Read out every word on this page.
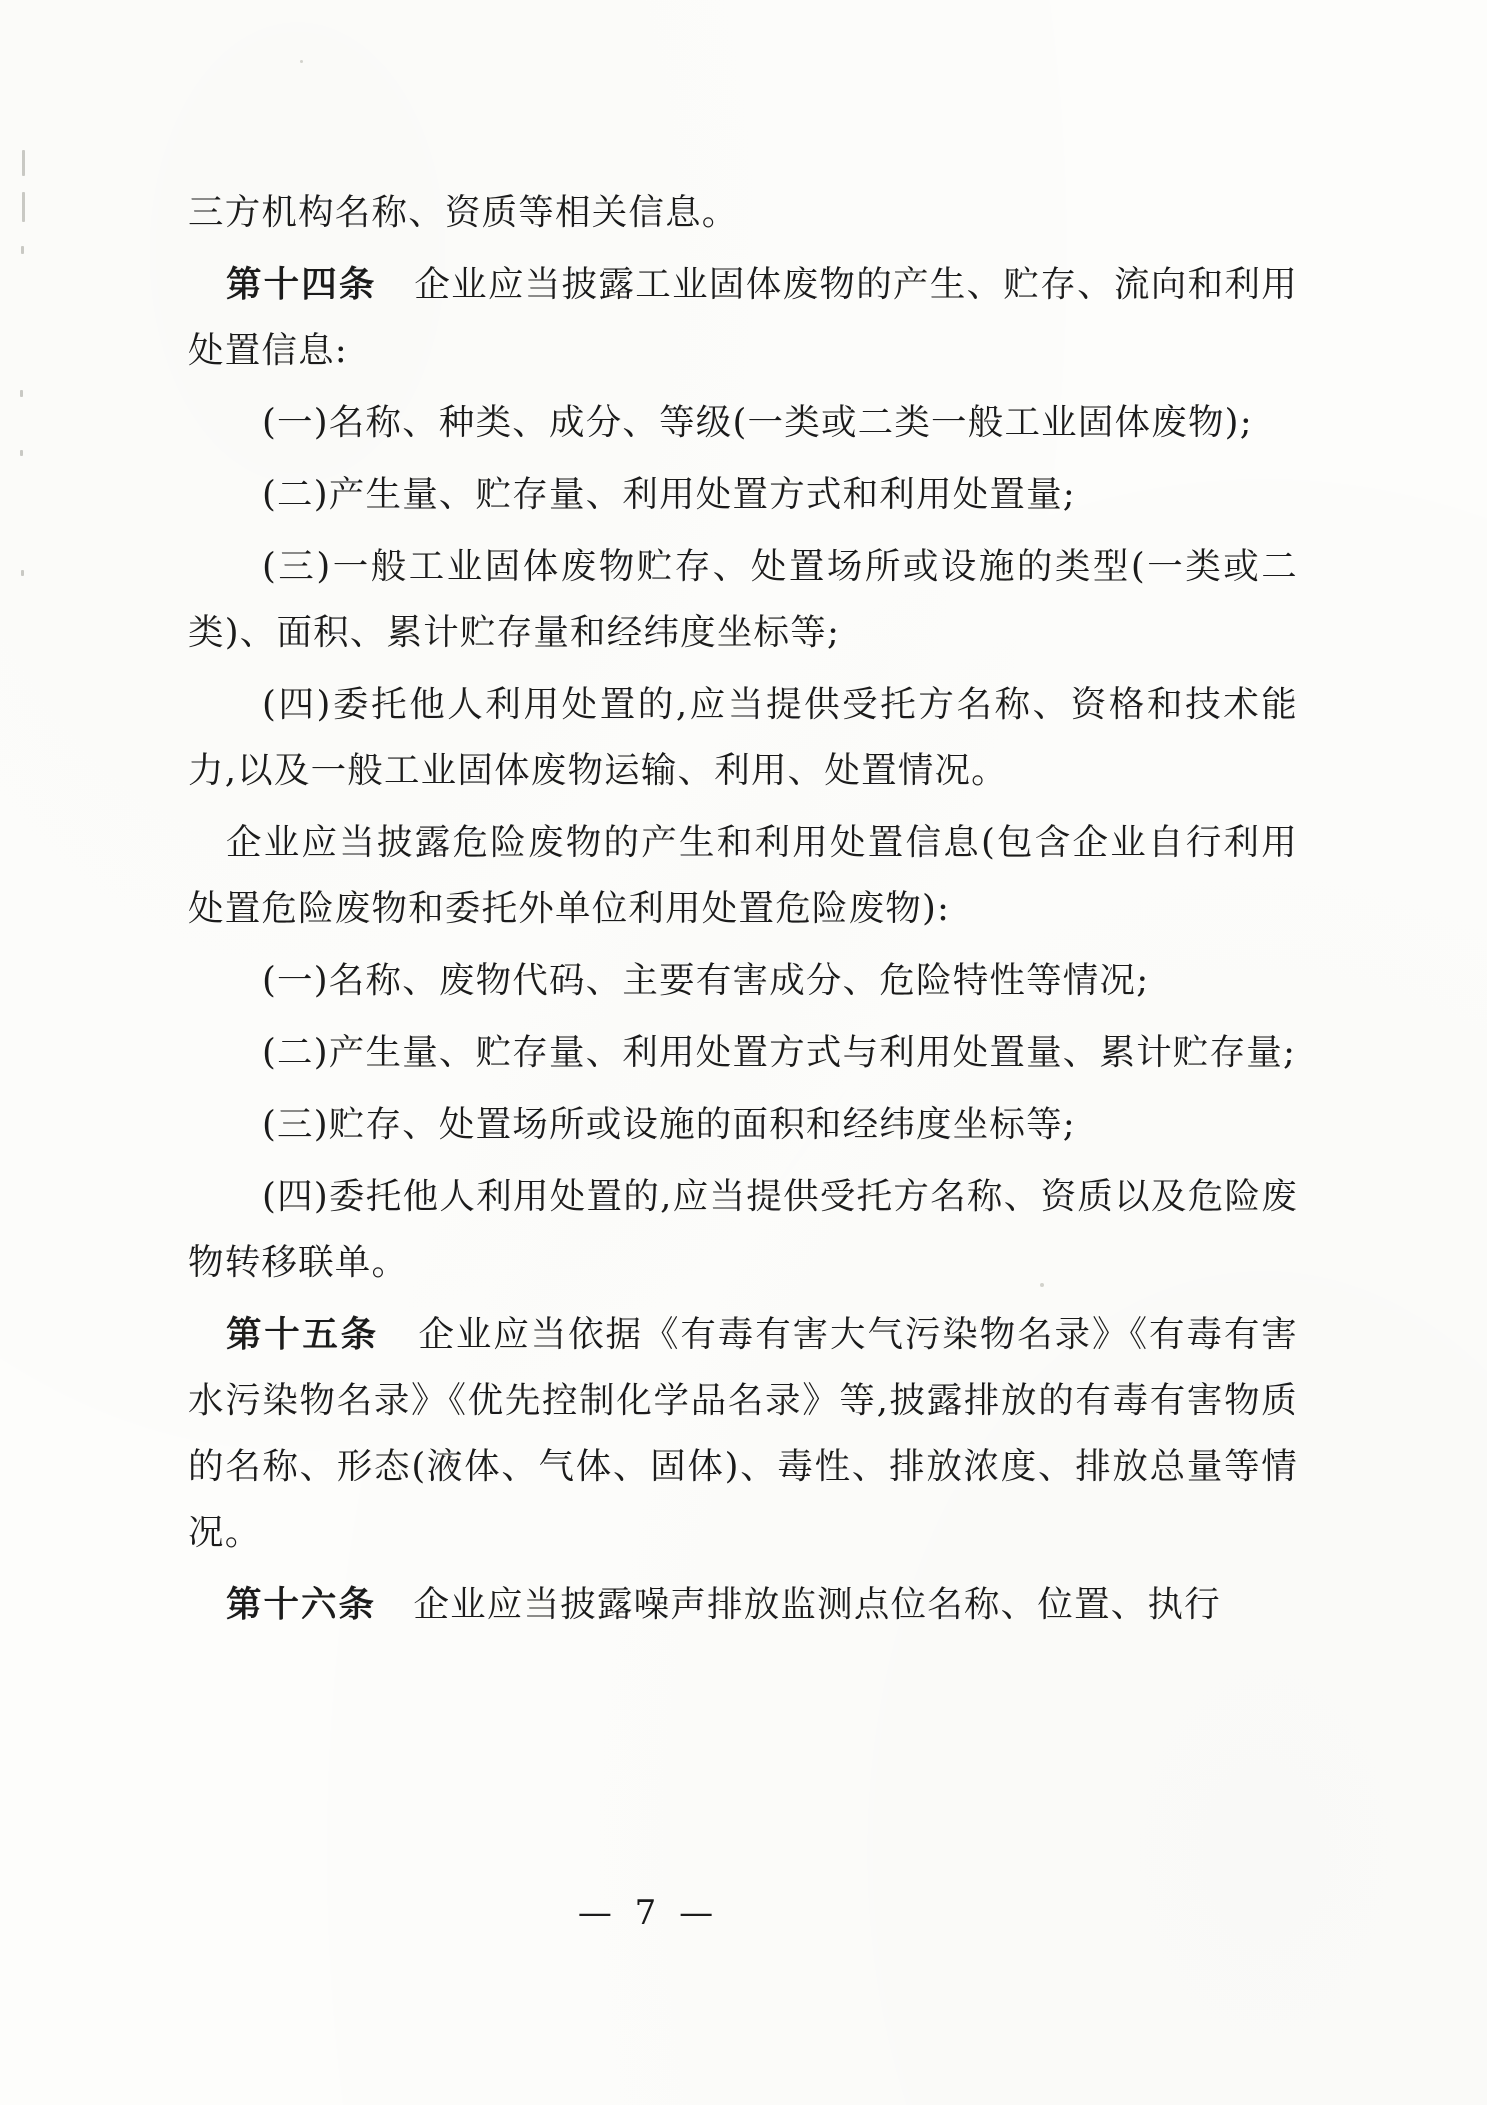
三方机构名称、资质等相关信息。

第十四条 企业应当披露工业固体废物的产生、贮存、流向和利用处置信息:

(一)名称、种类、成分、等级(一类或二类一般工业固体废物);

(二)产生量、贮存量、利用处置方式和利用处置量;

(三)一般工业固体废物贮存、处置场所或设施的类型(一类或二类)、面积、累计贮存量和经纬度坐标等;

(四)委托他人利用处置的,应当提供受托方名称、资格和技术能力,以及一般工业固体废物运输、利用、处置情况。

企业应当披露危险废物的产生和利用处置信息(包含企业自行利用处置危险废物和委托外单位利用处置危险废物):

(一)名称、废物代码、主要有害成分、危险特性等情况;

(二)产生量、贮存量、利用处置方式与利用处置量、累计贮存量;

(三)贮存、处置场所或设施的面积和经纬度坐标等;

(四)委托他人利用处置的,应当提供受托方名称、资质以及危险废物转移联单。

第十五条 企业应当依据《有毒有害大气污染物名录》《有毒有害水污染物名录》《优先控制化学品名录》等,披露排放的有毒有害物质的名称、形态(液体、气体、固体)、毒性、排放浓度、排放总量等情况。

第十六条 企业应当披露噪声排放监测点位名称、位置、执行

— 7 —
